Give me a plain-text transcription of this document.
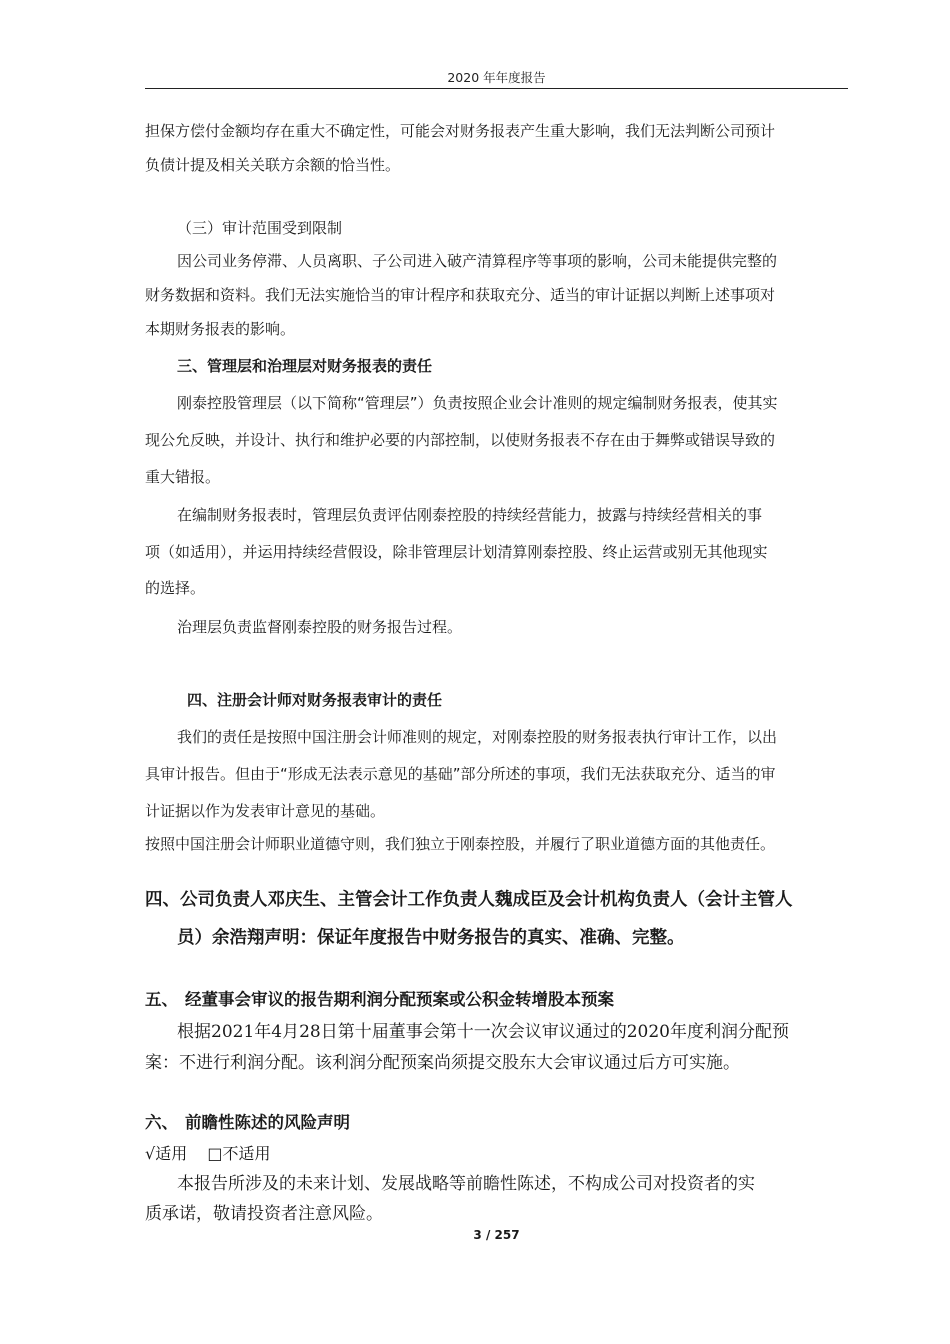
2020 年年度报告
担保方偿付金额均存在重大不确定性，可能会对财务报表产生重大影响，我们无法判断公司预计
负债计提及相关关联方余额的恰当性。
（三）审计范围受到限制
因公司业务停滞、人员离职、子公司进入破产清算程序等事项的影响，公司未能提供完整的
财务数据和资料。我们无法实施恰当的审计程序和获取充分、适当的审计证据以判断上述事项对
本期财务报表的影响。
三、管理层和治理层对财务报表的责任
刚泰控股管理层（以下简称“管理层”）负责按照企业会计准则的规定编制财务报表，使其实
现公允反映，并设计、执行和维护必要的内部控制，以使财务报表不存在由于舞弊或错误导致的
重大错报。
在编制财务报表时，管理层负责评估刚泰控股的持续经营能力，披露与持续经营相关的事
项（如适用），并运用持续经营假设，除非管理层计划清算刚泰控股、终止运营或别无其他现实
的选择。
治理层负责监督刚泰控股的财务报告过程。
四、注册会计师对财务报表审计的责任
我们的责任是按照中国注册会计师准则的规定，对刚泰控股的财务报表执行审计工作，以出
具审计报告。但由于“形成无法表示意见的基础”部分所述的事项，我们无法获取充分、适当的审
计证据以作为发表审计意见的基础。
按照中国注册会计师职业道德守则，我们独立于刚泰控股，并履行了职业道德方面的其他责任。
四、公司负责人邓庆生、主管会计工作负责人魏成臣及会计机构负责人（会计主管人
员）余浩翔声明：保证年度报告中财务报告的真实、准确、完整。
五、 经董事会审议的报告期利润分配预案或公积金转增股本预案
根据2021年4月28日第十届董事会第十一次会议审议通过的2020年度利润分配预
案：不进行利润分配。该利润分配预案尚须提交股东大会审议通过后方可实施。
六、 前瞻性陈述的风险声明
√适用 □不适用
本报告所涉及的未来计划、发展战略等前瞻性陈述，不构成公司对投资者的实
质承诺，敬请投资者注意风险。
3 / 257
